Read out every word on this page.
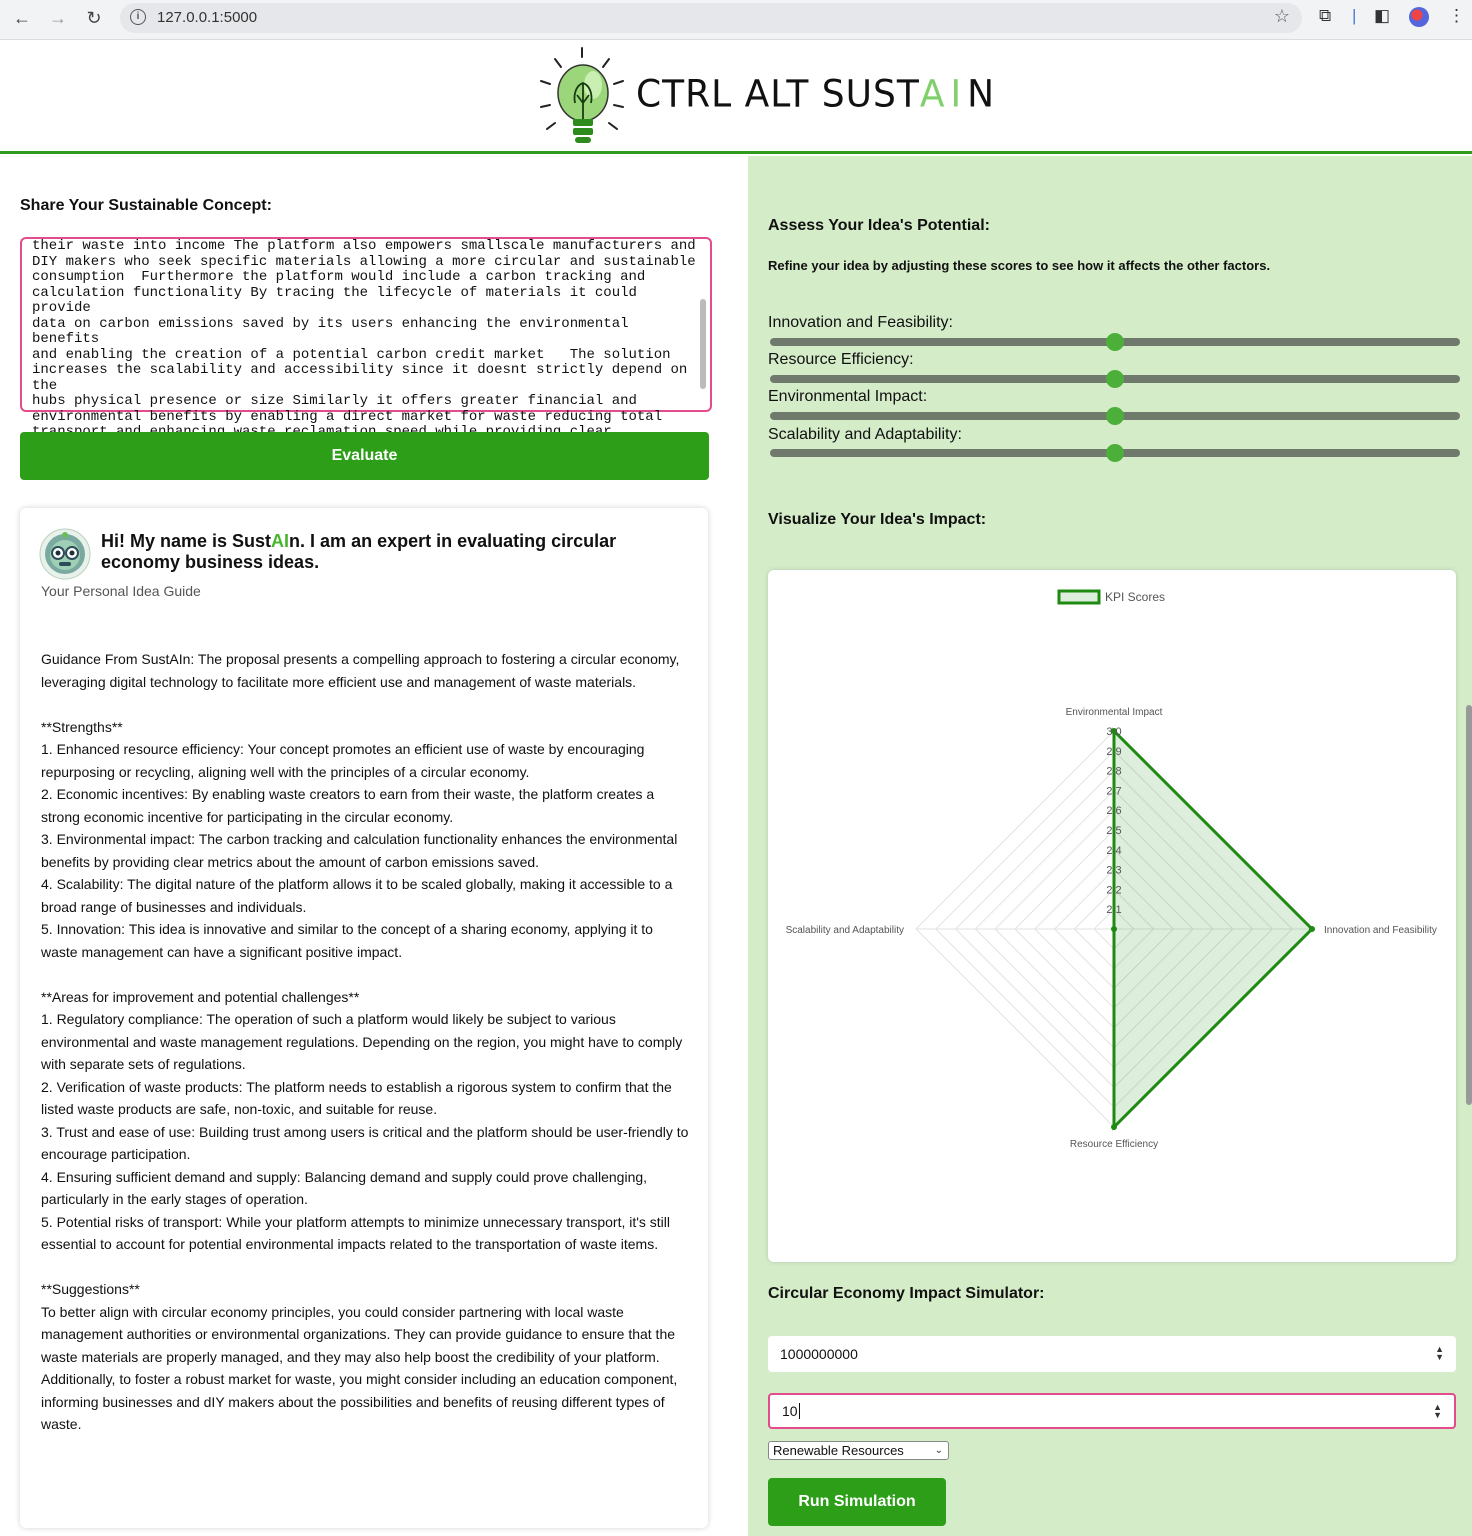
← →	↻	i	127.0.0.1:5000	☆ ⧉ | ◧	⋮
CTRL ALT SUSTAIN
Share Your Sustainable Concept:
their waste into income The platform also empowers smallscale manufacturers and
DIY makers who seek specific materials allowing a more circular and sustainable
consumption  Furthermore the platform would include a carbon tracking and
calculation functionality By tracing the lifecycle of materials it could provide
data on carbon emissions saved by its users enhancing the environmental benefits
and enabling the creation of a potential carbon credit market   The solution
increases the scalability and accessibility since it doesnt strictly depend on the
hubs physical presence or size Similarly it offers greater financial and
environmental benefits by enabling a direct market for waste reducing total

Evaluate
Hi! My name is SustAIn. I am an expert in evaluating circular economy business ideas.
Your Personal Idea Guide

Guidance From SustAIn: The proposal presents a compelling approach to fostering a circular economy, leveraging digital technology to facilitate more efficient use and management of waste materials.

**Strengths**

1. Enhanced resource efficiency: Your concept promotes an efficient use of waste by encouraging repurposing or recycling, aligning well with the principles of a circular economy.

2. Economic incentives: By enabling waste creators to earn from their waste, the platform creates a strong economic incentive for participating in the circular economy.

3. Environmental impact: The carbon tracking and calculation functionality enhances the environmental benefits by providing clear metrics about the amount of carbon emissions saved.

4. Scalability: The digital nature of the platform allows it to be scaled globally, making it accessible to a broad range of businesses and individuals.

5. Innovation: This idea is innovative and similar to the concept of a sharing economy, applying it to waste management can have a significant positive impact.

**Areas for improvement and potential challenges**

1. Regulatory compliance: The operation of such a platform would likely be subject to various environmental and waste management regulations. Depending on the region, you might have to comply with separate sets of regulations.

2. Verification of waste products: The platform needs to establish a rigorous system to confirm that the listed waste products are safe, non-toxic, and suitable for reuse.

3. Trust and ease of use: Building trust among users is critical and the platform should be user-friendly to encourage participation.

4. Ensuring sufficient demand and supply: Balancing demand and supply could prove challenging, particularly in the early stages of operation.

5. Potential risks of transport: While your platform attempts to minimize unnecessary transport, it's still essential to account for potential environmental impacts related to the transportation of waste items.

**Suggestions**

To better align with circular economy principles, you could consider partnering with local waste management authorities or environmental organizations. They can provide guidance to ensure that the waste materials are properly managed, and they may also help boost the credibility of your platform. Additionally, to foster a robust market for waste, you might consider including an education component, informing businesses and dIY makers about the possibilities and benefits of reusing different types of waste.

Assess Your Idea's Potential:
Refine your idea by adjusting these scores to see how it affects the other factors.
Innovation and Feasibility:
Resource Efficiency:
Environmental Impact:
Scalability and Adaptability:
Visualize Your Idea's Impact:
2.1
2.2
2.3
2.4
2.5
2.6
2.7
2.8
2.9
3.0
Environmental Impact
Innovation and Feasibility
Resource Efficiency
Scalability and Adaptability
KPI Scores
Circular Economy Impact Simulator:
1000000000	▲
▼
10	▲
▼
Renewable Resources	⌄
Run Simulation
